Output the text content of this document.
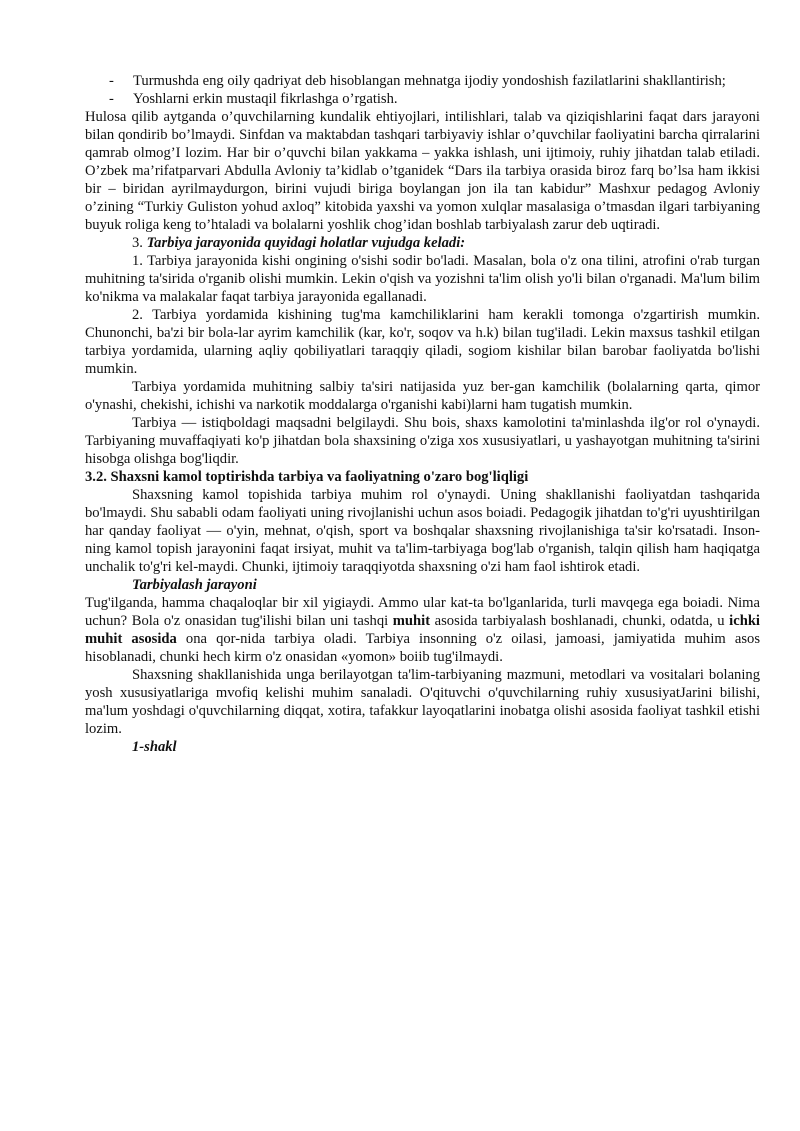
- Turmushda eng oily qadriyat deb hisoblangan mehnatga ijodiy yondoshish fazilatlarini shakllantirish;
- Yoshlarni erkin mustaqil fikrlashga o’rgatish.

Hulosa qilib aytganda o’quvchilarning kundalik ehtiyojlari, intilishlari, talab va qiziqishlarini faqat dars jarayoni bilan qondirib bo’lmaydi. Sinfdan va maktabdan tashqari tarbiyaviy ishlar o’quvchilar faoliyatini barcha qirralarini qamrab olmog’I lozim. Har bir o’quvchi bilan yakkama – yakka ishlash, uni ijtimoiy, ruhiy jihatdan talab etiladi. O’zbek ma’rifatparvari Abdulla Avloniy ta’kidlab o’tganidek “Dars ila tarbiya orasida biroz farq bo’lsa ham ikkisi bir – biridan ayrilmaydurgon, birini vujudi biriga boylangan jon ila tan kabidur” Mashxur pedagog Avloniy o’zining “Turkiy Guliston yohud axloq” kitobida yaxshi va yomon xulqlar masalasiga o’tmasdan ilgari tarbiyaning buyuk roliga keng to’htaladi va bolalarni yoshlik chog’idan boshlab tarbiyalash zarur deb uqtiradi.

3. Tarbiya jarayonida quyidagi holatlar vujudga keladi:

1. Tarbiya jarayonida kishi ongining o'sishi sodir bo'ladi. Masalan, bola o'z ona tilini, atrofini o'rab turgan muhitning ta'sirida o'rganib olishi mumkin. Lekin o'qish va yozishni ta'lim olish yo'li bilan o'rganadi. Ma'lum bilim ko'nikma va malakalar faqat tarbiya jarayonida egallanadi.

2. Tarbiya yordamida kishining tug'ma kamchiliklarini ham kerakli tomonga o'zgartirish mumkin. Chunonchi, ba'zi bir bola-lar ayrim kamchilik (kar, ko'r, soqov va h.k) bilan tug'iladi. Lekin maxsus tashkil etilgan tarbiya yordamida, ularning aqliy qobiliyatlari taraqqiy qiladi, sogiom kishilar bilan barobar faoliyatda bo'lishi mumkin.

Tarbiya yordamida muhitning salbiy ta'siri natijasida yuz ber-gan kamchilik (bolalarning qarta, qimor o'ynashi, chekishi, ichishi va narkotik moddalarga o'rganishi kabi)larni ham tugatish mumkin.

Tarbiya — istiqboldagi maqsadni belgilaydi. Shu bois, shaxs kamolotini ta'minlashda ilg'or rol o'ynaydi. Tarbiyaning muvaffaqiyati ko'p jihatdan bola shaxsining o'ziga xos xususiyatlari, u yashayotgan muhitning ta'sirini hisobga olishga bog'liqdir.

3.2. Shaxsni kamol toptirishda tarbiya va faoliyatning o'zaro bog'liqligi

Shaxsning kamol topishida tarbiya muhim rol o'ynaydi. Uning shakllanishi faoliyatdan tashqarida bo'lmaydi. Shu sababli odam faoliyati uning rivojlanishi uchun asos boiadi. Pedagogik jihatdan to'g'ri uyushtirilgan har qanday faoliyat — o'yin, mehnat, o'qish, sport va boshqalar shaxsning rivojlanishiga ta'sir ko'rsatadi. Inson-ning kamol topish jarayonini faqat irsiyat, muhit va ta'lim-tarbiyaga bog'lab o'rganish, talqin qilish ham haqiqatga unchalik to'g'ri kel-maydi. Chunki, ijtimoiy taraqqiyotda shaxsning o'zi ham faol ishtirok etadi.

Tarbiyalash jarayoni

Tug'ilganda, hamma chaqaloqlar bir xil yigiaydi. Ammo ular kat-ta bo'lganlarida, turli mavqega ega boiadi. Nima uchun? Bola o'z onasidan tug'ilishi bilan uni tashqi muhit asosida tarbiyalash boshlanadi, chunki, odatda, u ichki muhit asosida ona qor-nida tarbiya oladi. Tarbiya insonning o'z oilasi, jamoasi, jamiyatida muhim asos hisoblanadi, chunki hech kirm o'z onasidan «yomon» boiib tug'ilmaydi.

Shaxsning shakllanishida unga berilayotgan ta'lim-tarbiyaning mazmuni, metodlari va vositalari bolaning yosh xususiyatlariga mvofiq kelishi muhim sanaladi. O'qituvchi o'quvchilarning ruhiy xususiyatJarini bilishi, ma'lum yoshdagi o'quvchilarning diqqat, xotira, tafakkur layoqatlarini inobatga olishi asosida faoliyat tashkil etishi lozim.

1-shakl
